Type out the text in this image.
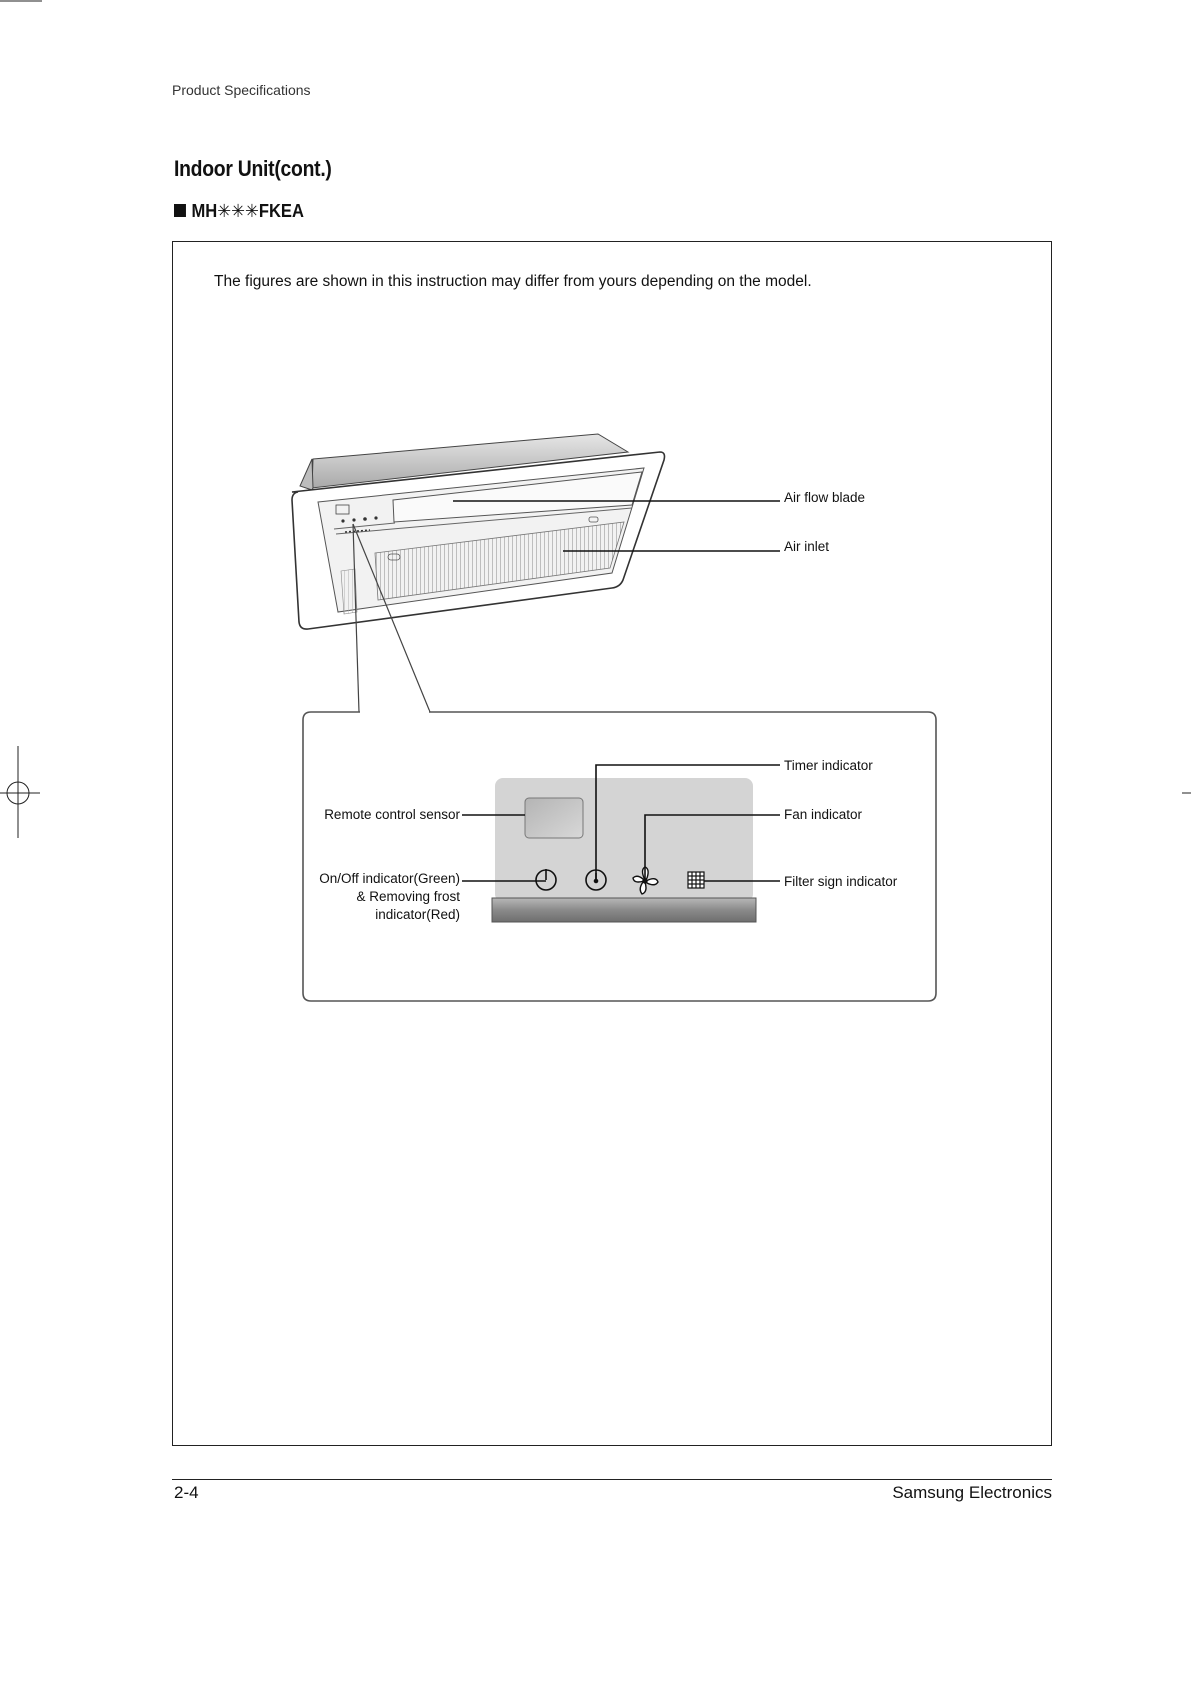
Product Specifications
Indoor Unit(cont.)
MH✳✳✳FKEA
The figures are shown in this instruction may differ from yours depending on the model.
Air flow blade
Air inlet
Timer indicator
Fan indicator
Filter sign indicator
Remote control sensor
On/Off indicator(Green)
& Removing frost
indicator(Red)
2-4	Samsung Electronics
